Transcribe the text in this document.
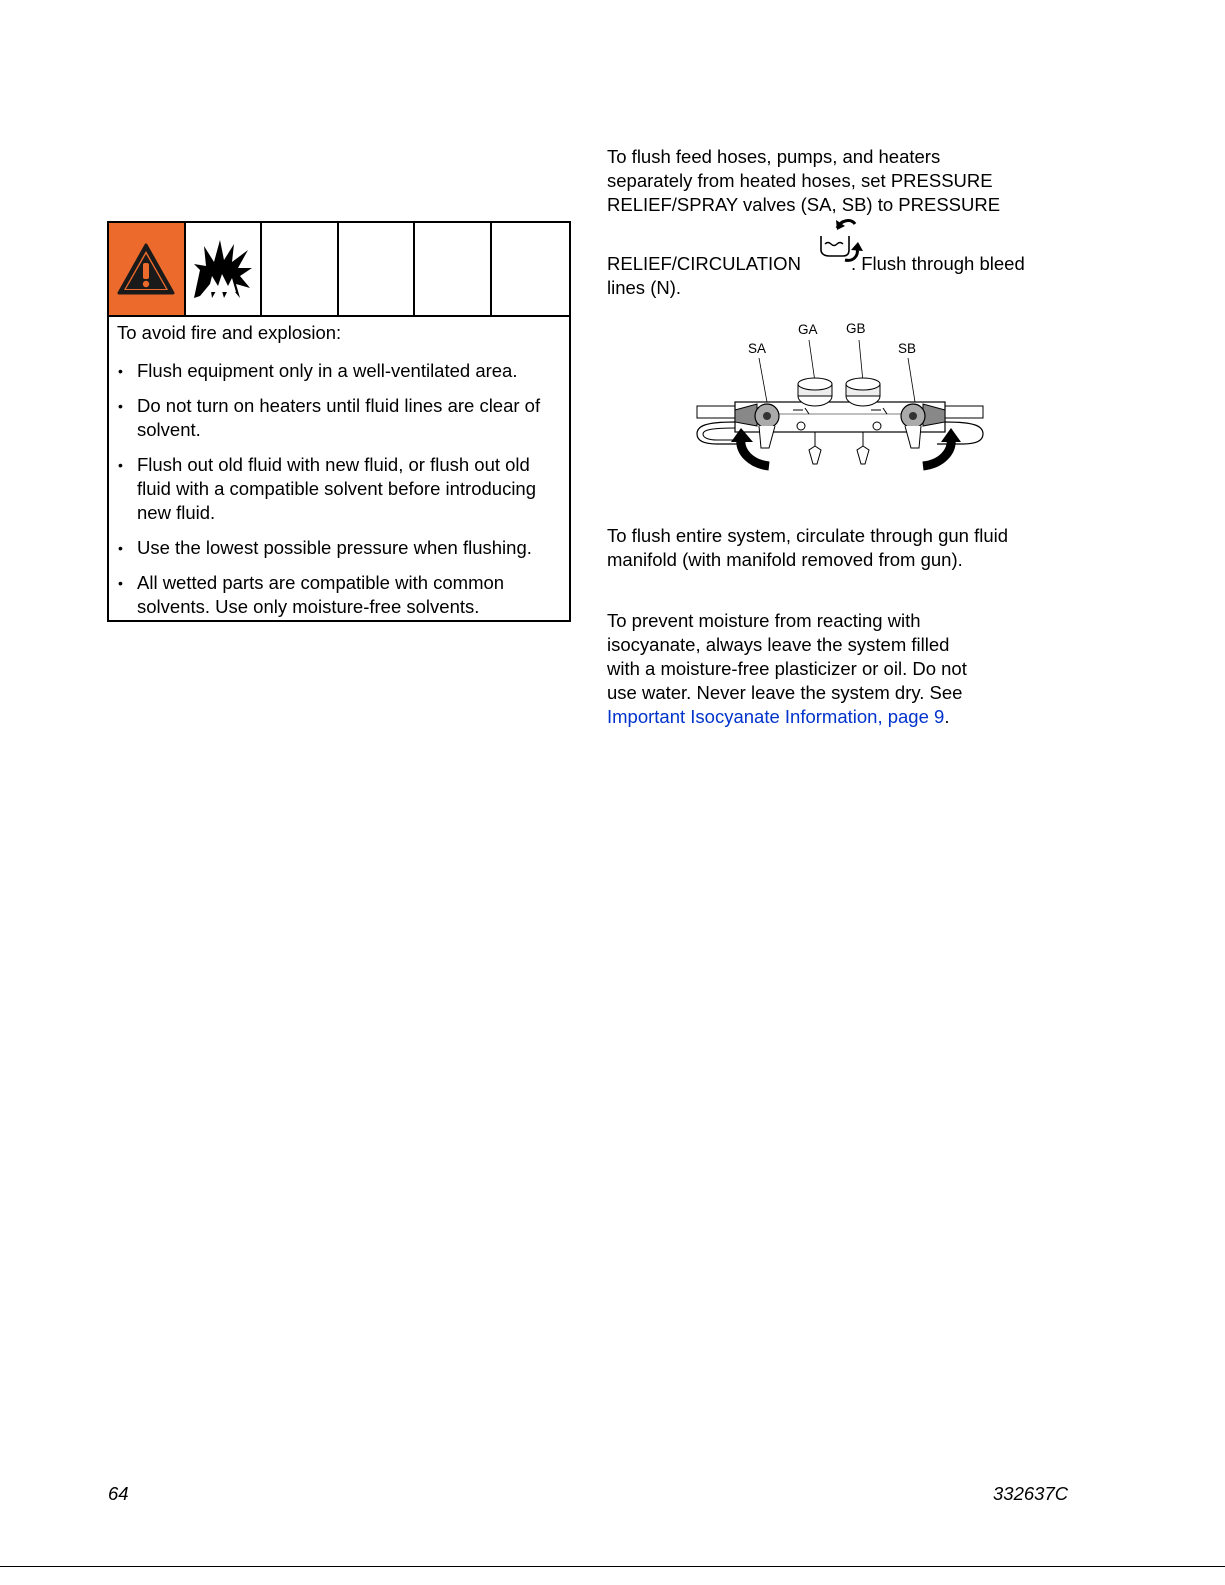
To avoid fire and explosion:

• Flush equipment only in a well-ventilated area.

• Do not turn on heaters until fluid lines are clear of solvent.

• Flush out old fluid with new fluid, or flush out old fluid with a compatible solvent before introducing new fluid.

• Use the lowest possible pressure when flushing.

• All wetted parts are compatible with common solvents. Use only moisture-free solvents.

To flush feed hoses, pumps, and heaters

separately from heated hoses, set PRESSURE

RELIEF/SPRAY valves (SA, SB) to PRESSURE

RELIEF/CIRCULATION	. Flush through bleed

lines (N).

GA GB
SA	SB

To flush entire system, circulate through gun fluid manifold (with manifold removed from gun).

To prevent moisture from reacting with

isocyanate, always leave the system filled

with a moisture-free plasticizer or oil. Do not

use water. Never leave the system dry. See

Important Isocyanate Information, page 9.

64	332637C
